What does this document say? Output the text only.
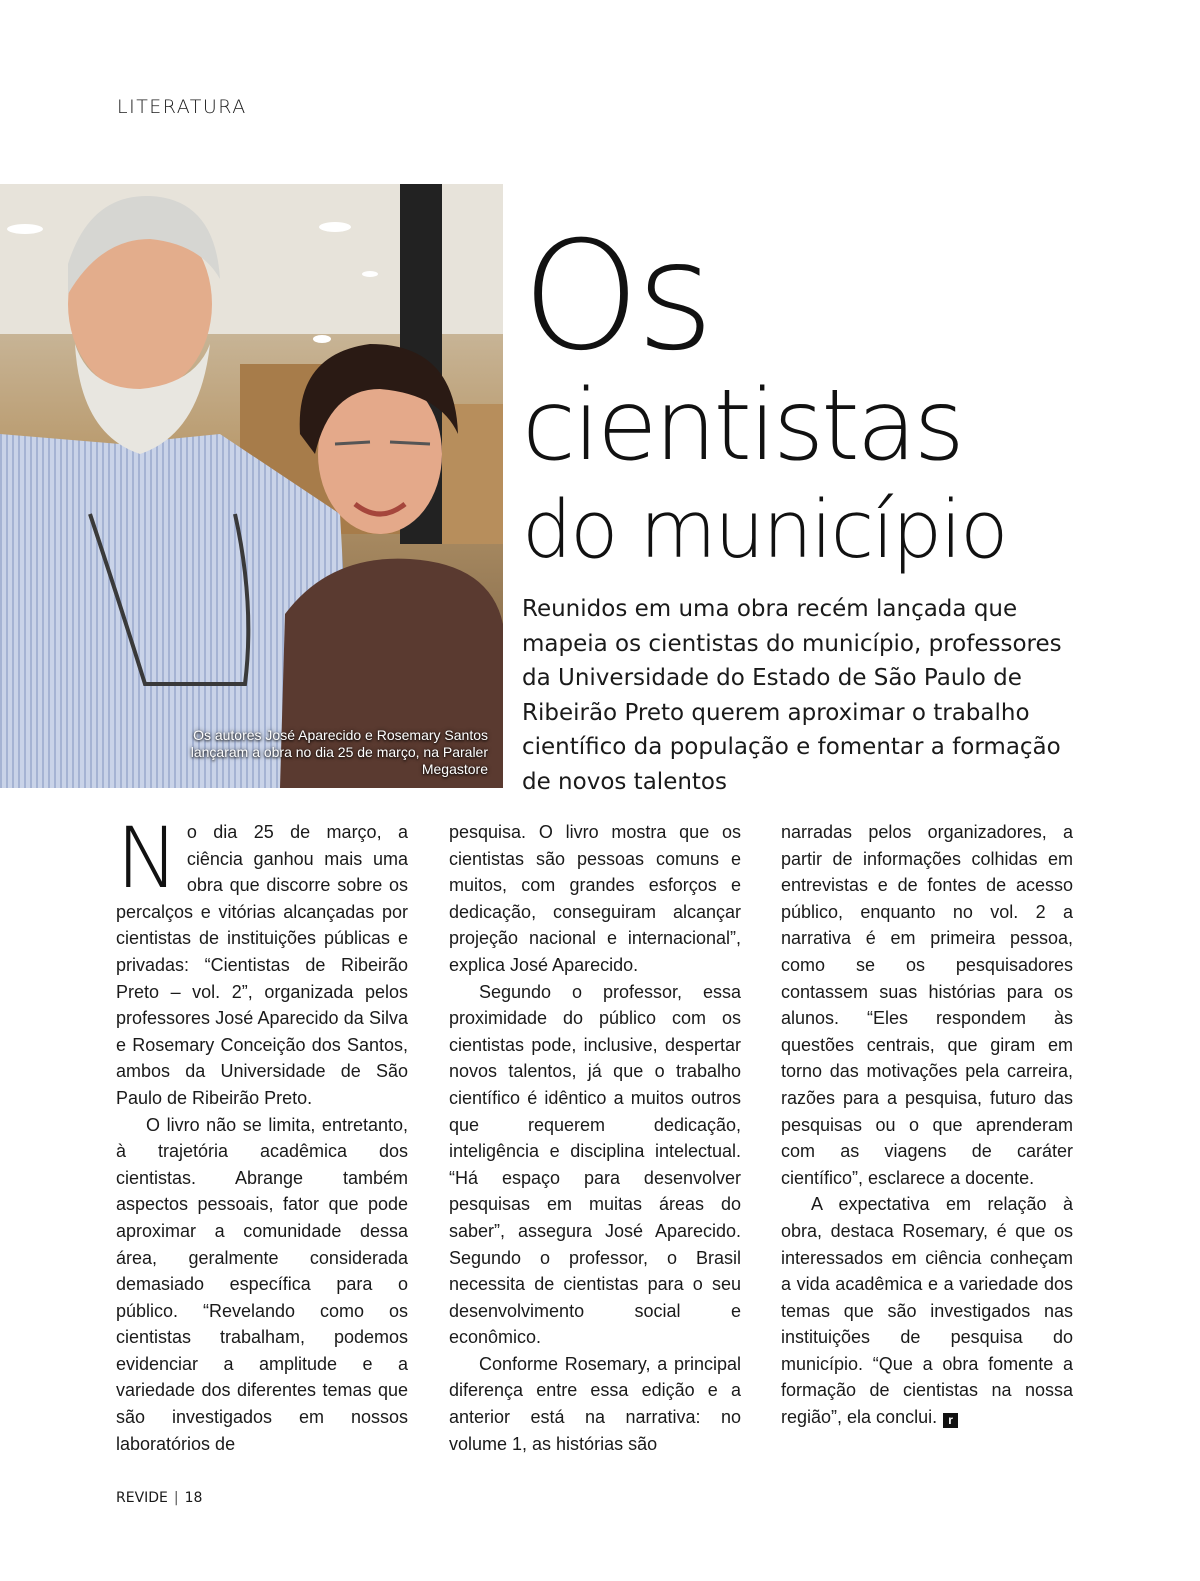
LITERATURA
Os autores José Aparecido e Rosemary Santos lançaram a obra no dia 25 de março, na Paraler Megastore
Os
cientistas
do município
Reunidos em uma obra recém lançada que mapeia os cientistas do município, professores da Universidade do Estado de São Paulo de Ribeirão Preto querem aproximar o trabalho científico da população e fomentar a formação de novos talentos

No dia 25 de março, a ciência ganhou mais uma obra que discorre sobre os percalços e vitórias alcançadas por cientistas de instituições públicas e privadas: “Cientistas de Ribeirão Preto – vol. 2”, organizada pelos professores José Aparecido da Silva e Rosemary Conceição dos Santos, ambos da Universidade de São Paulo de Ribeirão Preto.

O livro não se limita, entretanto, à trajetória acadêmica dos cientistas. Abrange também aspectos pessoais, fator que pode aproximar a comunidade dessa área, geralmente considerada demasiado específica para o público. “Revelando como os cientistas trabalham, podemos evidenciar a amplitude e a variedade dos diferentes temas que são investigados em nossos laboratórios de

pesquisa. O livro mostra que os cientistas são pessoas comuns e muitos, com grandes esforços e dedicação, conseguiram alcançar projeção nacional e internacional”, explica José Aparecido.

Segundo o professor, essa proximidade do público com os cientistas pode, inclusive, despertar novos talentos, já que o trabalho científico é idêntico a muitos outros que requerem dedicação, inteligência e disciplina intelectual. “Há espaço para desenvolver pesquisas em muitas áreas do saber”, assegura José Aparecido. Segundo o professor, o Brasil necessita de cientistas para o seu desenvolvimento social e econômico.

Conforme Rosemary, a principal diferença entre essa edição e a anterior está na narrativa: no volume 1, as histórias são

narradas pelos organizadores, a partir de informações colhidas em entrevistas e de fontes de acesso público, enquanto no vol. 2 a narrativa é em primeira pessoa, como se os pesquisadores contassem suas histórias para os alunos. “Eles respondem às questões centrais, que giram em torno das motivações pela carreira, razões para a pesquisa, futuro das pesquisas ou o que aprenderam com as viagens de caráter científico”, esclarece a docente.

A expectativa em relação à obra, destaca Rosemary, é que os interessados em ciência conheçam a vida acadêmica e a variedade dos temas que são investigados nas instituições de pesquisa do município. “Que a obra fomente a formação de cientistas na nossa região”, ela conclui. r

REVIDE | 18
